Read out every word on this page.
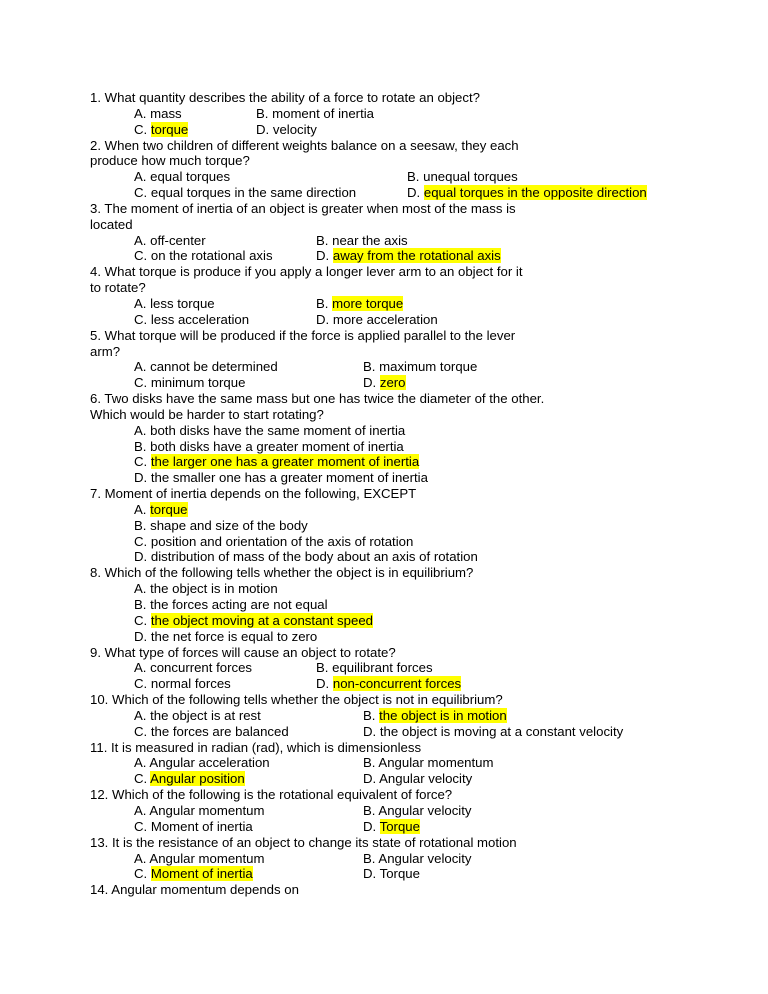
1. What quantity describes the ability of a force to rotate an object?
A. mass	B. moment of inertia
C. torque	D. velocity
2. When two children of different weights balance on a seesaw, they each
produce how much torque?
A. equal torques	B. unequal torques
C. equal torques in the same direction	D. equal torques in the opposite direction
3. The moment of inertia of an object is greater when most of the mass is
located
A. off-center	B. near the axis
C. on the rotational axis	D. away from the rotational axis
4. What torque is produce if you apply a longer lever arm to an object for it
to rotate?
A. less torque	B. more torque
C. less acceleration	D. more acceleration
5. What torque will be produced if the force is applied parallel to the lever
arm?
A. cannot be determined	B. maximum torque
C. minimum torque	D. zero
6. Two disks have the same mass but one has twice the diameter of the other.
Which would be harder to start rotating?
A. both disks have the same moment of inertia
B. both disks have a greater moment of inertia
C. the larger one has a greater moment of inertia
D. the smaller one has a greater moment of inertia
7. Moment of inertia depends on the following, EXCEPT
A. torque
B. shape and size of the body
C. position and orientation of the axis of rotation
D. distribution of mass of the body about an axis of rotation
8. Which of the following tells whether the object is in equilibrium?
A. the object is in motion
B. the forces acting are not equal
C. the object moving at a constant speed
D. the net force is equal to zero
9. What type of forces will cause an object to rotate?
A. concurrent forces	B. equilibrant forces
C. normal forces	D. non-concurrent forces
10. Which of the following tells whether the object is not in equilibrium?
A. the object is at rest	B. the object is in motion
C. the forces are balanced	D. the object is moving at a constant velocity
11. It is measured in radian (rad), which is dimensionless
A. Angular acceleration	B. Angular momentum
C. Angular position	D. Angular velocity
12. Which of the following is the rotational equivalent of force?
A. Angular momentum	B. Angular velocity
C. Moment of inertia	D. Torque
13. It is the resistance of an object to change its state of rotational motion
A. Angular momentum	B. Angular velocity
C. Moment of inertia	D. Torque
14. Angular momentum depends on
